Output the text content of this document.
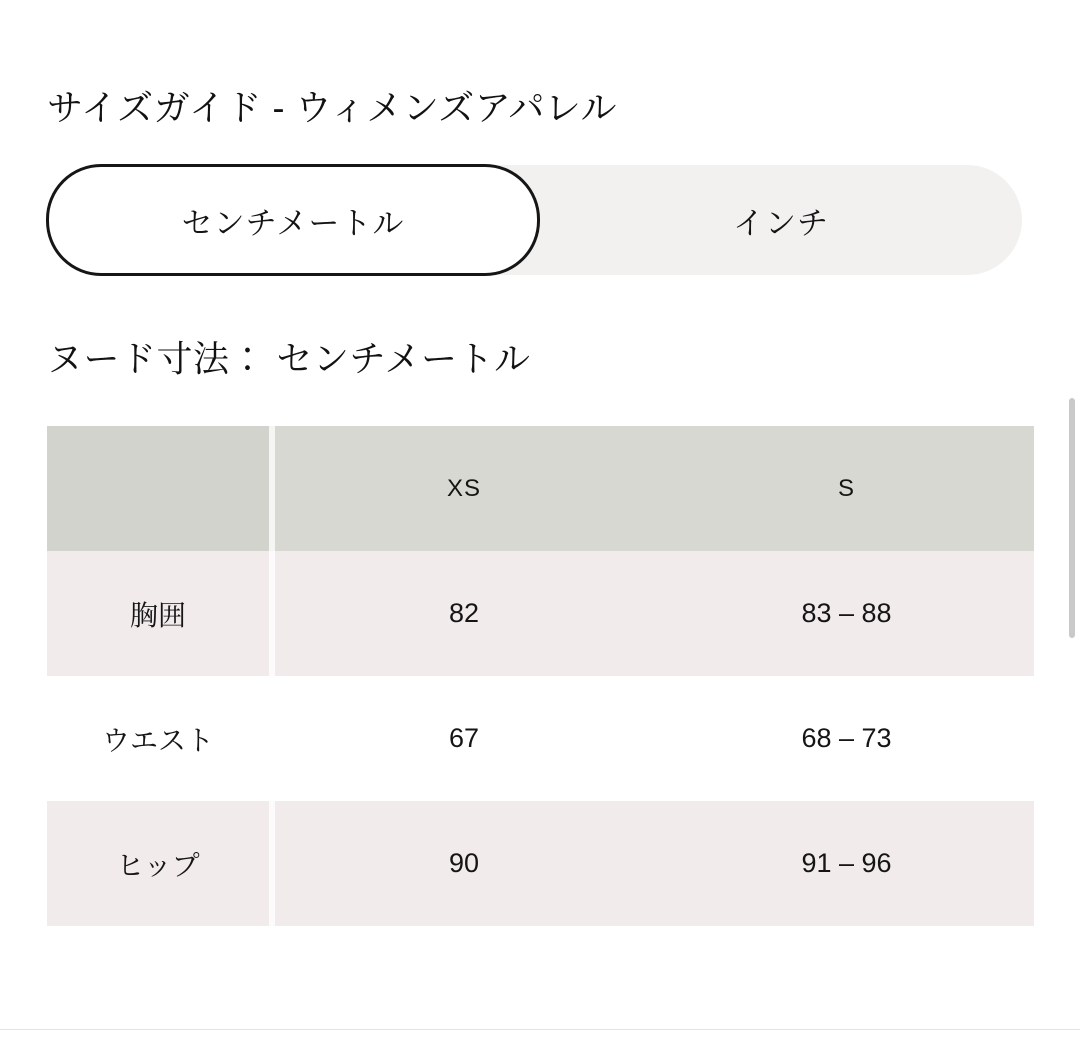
サイズガイド - ウィメンズアパレル
センチメートル	インチ
ヌード寸法： センチメートル
	XS	S
胸囲	82	83 – 88
ウエスト	67	68 – 73
ヒップ	90	91 – 96
